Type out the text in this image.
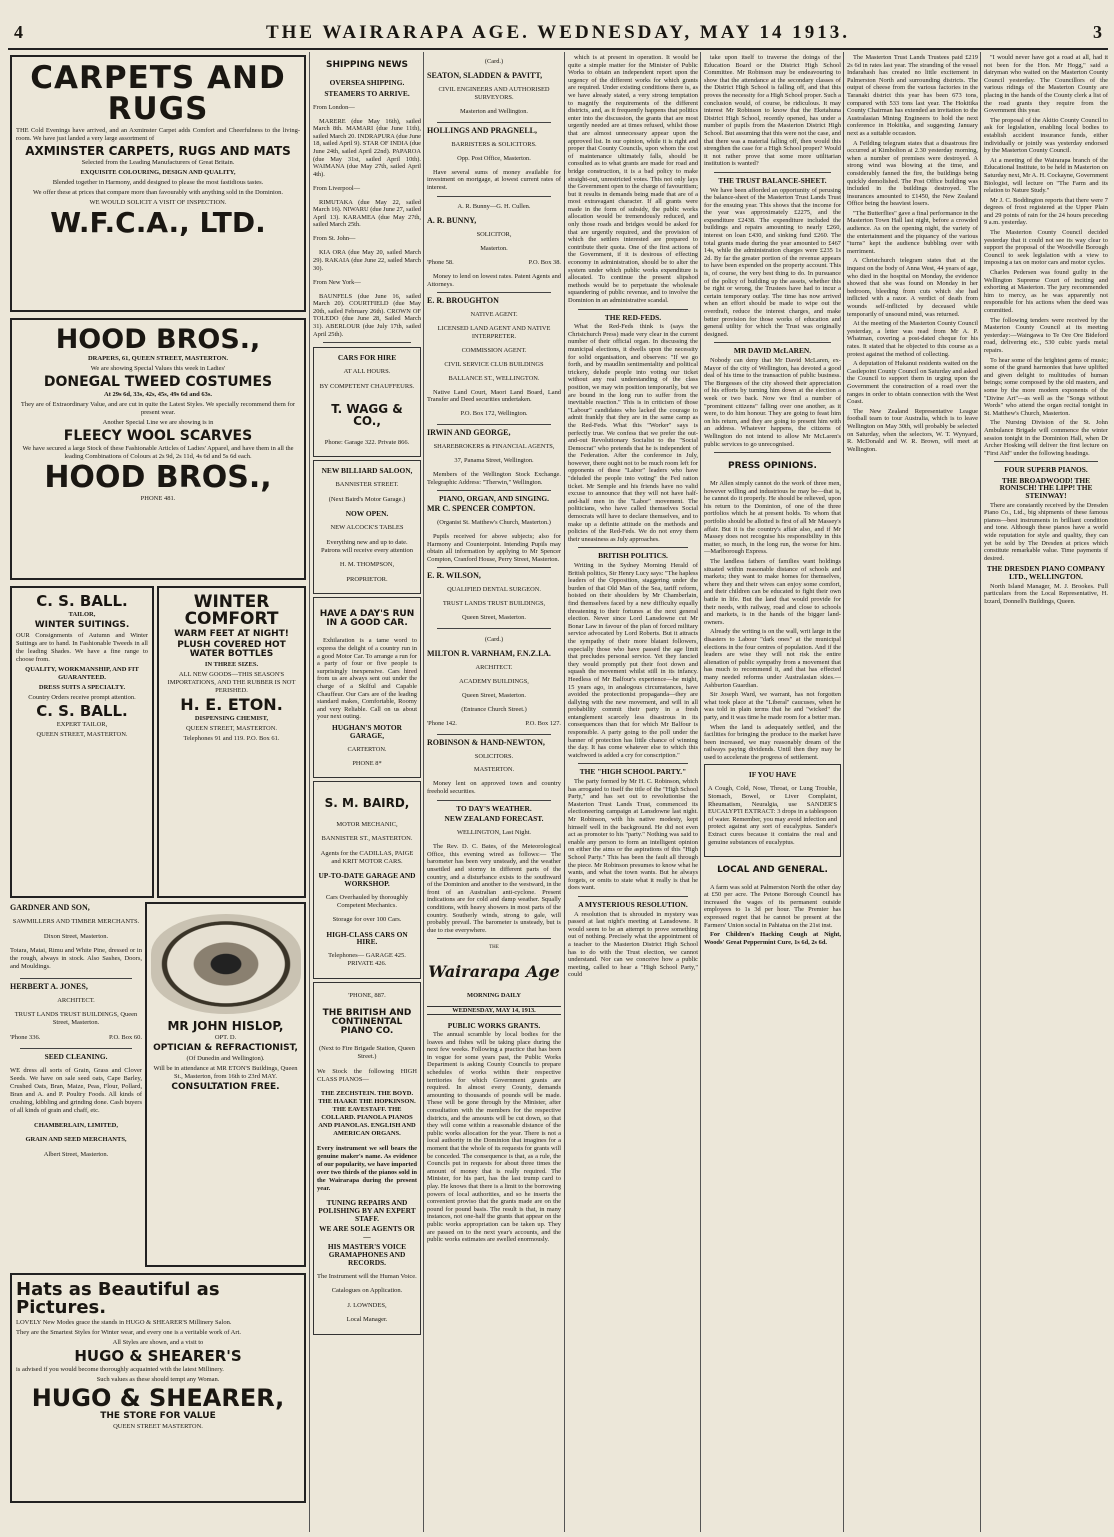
4	THE WAIRARAPA AGE. WEDNESDAY, MAY 14 1913.	3

CARPETS AND RUGS

THE Cold Evenings have arrived, and an Axminster Carpet adds Comfort and Cheerfulness to the living-room. We have just landed a very large assortment of

AXMINSTER CARPETS, RUGS AND MATS

Selected from the Leading Manufacturers of Great Britain.

EXQUISITE COLOURING, DESIGN AND QUALITY,

Blended together in Harmony, andd designed to please the most fastidious tastes.

We offer these at prices that compare more than favourably with anything sold in the Dominion.

WE WOULD SOLICIT A VISIT OF INSPECTION.

W.F.C.A., LTD.

HOOD BROS.,

DRAPERS, 61, QUEEN STREET, MASTERTON.

We are showing Special Values this week in Ladies'

DONEGAL TWEED COSTUMES

At 29s 6d, 33s, 42s, 45s, 49s 6d and 63s.

They are of Extraordinary Value, and are cut in quite the Latest Styles. We specially recommend them for present wear.

Another Special Line we are showing is in

FLEECY WOOL SCARVES

We have secured a large Stock of these Fashionable Articles of Ladies' Apparel, and have them in all the leading Combinations of Colours at 2s 9d, 2s 11d, 4s 6d and 5s 6d each.

HOOD BROS.,

PHONE 481.

C. S. BALL.

TAILOR,

WINTER SUITINGS.

OUR Consignments of Autumn and Winter Suitings are to hand. In Fashionable Tweeds in all the leading Shades. We have a fine range to choose from.

QUALITY, WORKMANSHIP, AND FIT GUARANTEED.

DRESS SUITS A SPECIALTY.

Country Orders receive prompt attention.

C. S. BALL.

EXPERT TAILOR,

QUEEN STREET, MASTERTON.

WINTER COMFORT

WARM FEET AT NIGHT!

PLUSH COVERED HOT WATER BOTTLES

IN THREE SIZES.

ALL NEW GOODS—THIS SEASON'S IMPORTATIONS, AND THE RUBBER IS NOT PERISHED.

H. E. ETON.

DISPENSING CHEMIST,

QUEEN STREET, MASTERTON.

Telephones 91 and 119. P.O. Box 61.

GARDNER AND SON,

SAWMILLERS AND TIMBER MERCHANTS.

Dixon Street, Masterton.

Totara, Matai, Rimu and White Pine, dressed or in the rough, always in stock. Also Sashes, Doors, and Mouldings.

HERBERT A. JONES,

ARCHITECT.

TRUST LANDS TRUST BUILDINGS, Queen Street, Masterton.

'Phone 336.	P.O. Box 60.

SEED CLEANING.

WE dress all sorts of Grain, Grass and Clover Seeds. We have on sale seed oats, Cape Barley, Crushed Oats, Bran, Maize, Peas, Flour, Pollard, Bran and A. and P. Poultry Foods. All kinds of crushing, kibbling and grinding done. Cash buyers of all kinds of grain and chaff, etc.

CHAMBERLAIN, LIMITED,

GRAIN AND SEED MERCHANTS,

Albert Street, Masterton.

MR JOHN HISLOP,

OPT. D.

OPTICIAN & REFRACTIONIST,

(Of Dunedin and Wellington).

Will be in attendance at MR ETON'S Buildings, Queen St., Masterton, from 16th to 23rd MAY.

CONSULTATION FREE.

Hats as Beautiful as Pictures.

LOVELY New Modes grace the stands in HUGO & SHEARER'S Millinery Salon.

They are the Smartest Styles for Winter wear, and every one is a veritable work of Art.

All Styles are shown, and a visit to

HUGO & SHEARER'S

is advised if you would become thoroughly acquainted with the latest Millinery.

Such values as these should tempt any Woman.

HUGO & SHEARER,

THE STORE FOR VALUE

QUEEN STREET MASTERTON.

SHIPPING NEWS

OVERSEA SHIPPING.

STEAMERS TO ARRIVE.

From London—

MARERE (due May 16th), sailed March 8th. MAMARI (due June 11th), sailed March 20. INDRAPURA (due June 18, sailed April 9). STAR OF INDIA (due June 24th, sailed April 22nd). PAPAROA (due May 31st, sailed April 10th). WAIMANA (due May 27th, sailed April 4th).

From Liverpool—

RIMUTAKA (due May 22, sailed March 16). NIWARU (due June 27, sailed April 13). KARAMEA (due May 27th, sailed March 25th.

From St. John—

KIA ORA (due May 20, sailed March 29). RAKAIA (due June 22, sailed March 30).

From New York—

BAUNFELS (due June 16, sailed March 20). COURTFIELD (due May 20th, sailed February 26th). CROWN OF TOLEDO (due June 28, Sailed March 31). ABERLOUR (due July 17th, sailed April 25th).

CARS FOR HIRE

AT ALL HOURS.

BY COMPETENT CHAUFFEURS.

T. WAGG & CO.,

Phone: Garage 322. Private 866.

NEW BILLIARD SALOON,

BANNISTER STREET.

(Next Baird's Motor Garage.)

NOW OPEN.

NEW ALCOCK'S TABLES

Everything new and up to date. Patrons will receive every attention

H. M. THOMPSON,

PROPRIETOR.

HAVE A DAY'S RUN IN A GOOD CAR.

Exhilaration is a tame word to express the delight of a country run in a good Motor Car. To arrange a run for a party of four or five people is surprisingly inexpensive. Cars hired from us are always sent out under the charge of a Skilful and Capable Chauffeur. Our Cars are of the leading standard makes, Comfortable, Roomy and very Reliable. Call on us about your next outing.

HUGHAN'S MOTOR GARAGE,

CARTERTON.

PHONE 8*

S. M. BAIRD,

MOTOR MECHANIC,

BANNISTER ST., MASTERTON.

Agents for the CADILLAS, PAIGE and KRIT MOTOR CARS.

UP-TO-DATE GARAGE AND WORKSHOP.

Cars Overhauled by thoroughly Competent Mechanics.

Storage for over 100 Cars.

HIGH-CLASS CARS ON HIRE.

Telephones— GARAGE 425. PRIVATE 426.

'PHONE, 887.

THE BRITISH AND CONTINENTAL PIANO CO.

(Next to Fire Brigade Station, Queen Street.)

We Stock the following HIGH CLASS PIANOS—

THE ZECHSTEIN. THE BOYD. THE HAAKE THE HOPKINSON. THE EAVESTAFF. THE COLLARD. PIANOLA PIANOS AND PIANOLAS. ENGLISH AND AMERICAN ORGANS.

Every instrument we sell bears the genuine maker's name. As evidence of our popularity, we have imported over two thirds of the pianos sold in the Wairarapa during the present year.

TUNING REPAIRS AND POLISHING BY AN EXPERT STAFF.

WE ARE SOLE AGENTS OR—

HIS MASTER'S VOICE GRAMAPHONES AND RECORDS.

The Instrument will the Human Voice.

Catalogues on Application.

J. LOWNDES,

Local Manager.

(Card.)

SEATON, SLADDEN & PAVITT,

CIVIL ENGINEERS AND AUTHORISED SURVEYORS.

Masterton and Wellington.

HOLLINGS AND PRAGNELL,

BARRISTERS & SOLICITORS.

Opp. Post Office, Masterton.

Have several sums of money available for investment on mortgage, at lowest current rates of interest.

A. R. Bunny—G. H. Cullen.

A. R. BUNNY,

SOLICITOR,

Masterton.

'Phone 58.	P.O. Box 38.

Money to lend on lowest rates. Patent Agents and Attorneys.

E. R. BROUGHTON

NATIVE AGENT.

LICENSED LAND AGENT AND NATIVE INTERPRETER.

COMMISSION AGENT.

CIVIL SERVICE CLUB BUILDINGS

BALLANCE ST., WELLINGTON.

Native Land Court, Maori Land Board, Land Transfer and Deed securities undertaken.

P.O. Box 172, Wellington.

IRWIN AND GEORGE,

SHAREBROKERS & FINANCIAL AGENTS,

37, Panama Street, Wellington.

Members of the Wellington Stock Exchange. Telegraphic Address: "Therwin," Wellington.

PIANO, ORGAN, AND SINGING.

MR C. SPENCER COMPTON.

(Organist St. Matthew's Church, Masterton.)

Pupils received for above subjects; also for Harmony and Counterpoint. Intending Pupils may obtain all information by applying to Mr Spencer Compton, Cranford House, Perry Street, Masterton.

E. R. WILSON,

QUALIFIED DENTAL SURGEON.

TRUST LANDS TRUST BUILDINGS,

Queen Street, Masterton.

(Card.)

MILTON R. VARNHAM, F.N.Z.I.A.

ARCHITECT.

ACADEMY BUILDINGS,

Queen Street, Masterton.

(Entrance Church Street.)

'Phone 142.	P.O. Box 127.

ROBINSON & HAND-NEWTON,

SOLICITORS.

MASTERTON.

Money lent on approved town and country freehold securities.

TO DAY'S WEATHER.

NEW ZEALAND FORECAST.

WELLINGTON, Last Night.

The Rev. D. C. Bates, of the Meteorological Office, this evening wired as follows:— The barometer has been very unsteady, and the weather unsettled and stormy in different parts of the country, and a disturbance exists to the southward of the Dominion and another to the westward, in the front of an Australian anti-cyclone. Present indications are for cold and damp weather. Squally conditions, with heavy showers in most parts of the country. Southerly winds, strong to gale, will probably prevail. The barometer is unsteady, but is due to rise everywhere.

THE

Wairarapa Age

MORNING DAILY

WEDNESDAY, MAY 14, 1913.

PUBLIC WORKS GRANTS.

The annual scramble by local bodies for the loaves and fishes will be taking place during the next few weeks. Following a practice that has been in vogue for some years past, the Public Works Department is asking County Councils to prepare schedules of works within their respective territories for which Government grants are required. In almost every County, demands amounting to thousands of pounds will be made. These will be gone through by the Minister, after consultation with the members for the respective districts, and the amounts will be cut down, so that they will come within a reasonable distance of the public works allocation for the year. There is not a local authority in the Dominion that imagines for a moment that the whole of its requests for grants will be conceded. The consequence is that, as a rule, the Councils put in requests for about three times the amount of money that is really required. The Minister, for his part, has the last trump card to play. He knows that there is a limit to the borrowing powers of local authorities, and so he inserts the convenient proviso that the grants made are on the pound for pound basis. The result is that, in many instances, not one-half the grants that appear on the public works appropriation can be taken up. They are passed on to the next year's accounts, and the public works estimates are swelled enormously.

which is at present in operation. It would be quite a simple matter for the Minister of Public Works to obtain an independent report upon the urgency of the different works for which grants are required. Under existing conditions there is, as we have already stated, a very strong temptation to magnify the requirements of the different districts, and, as it frequently happens that politics enter into the discussion, the grants that are most urgently needed are at times refused, whilst those that are almost unnecessary appear upon the approved list. In our opinion, while it is right and proper that County Councils, upon whom the cost of maintenance ultimately falls, should be consulted as to what grants are made for road and bridge construction, it is a bad policy to make straight-out, unrestricted votes. This not only lays the Government open to the charge of favouritism; but it results in demands being made that are of a most extravagant character. If all grants were made in the form of subsidy, the public works allocation would be tremendously reduced, and only those roads and bridges would be asked for that are urgently required, and the provision of which the settlers interested are prepared to contribute their quota. One of the first actions of the Government, if it is desirous of effecting economy in administration, should be to alter the system under which public works expenditure is allocated. To continue the present slipshod methods would be to perpetuate the wholesale squandering of public revenue, and to involve the Dominion in an administrative scandal.

THE RED-FEDS.

What the Red-Feds think is (says the Christchurch Press) made very clear in the current number of their official organ. In discussing the municipal elections, it dwells upon the necessity for solid organisation, and observes: "If we go forth, and by maudlin sentimentality and political trickery, delude people into voting our ticket without any real understanding of the class position, we may win position temporarily, but we are bound in the long run to suffer from the inevitable reaction." This is in criticism of those "Labour" candidates who lacked the courage to admit frankly that they are in the same camp as the Red-Feds. What this "Worker" says is perfectly true. We confess that we prefer the out-and-out Revolutionary Socialist to the "Social Democrat" who pretends that he is independent of the Federation. After the conference in July, however, there ought not to be much room left for opponents of these "Labor" leaders who have "deluded the people into voting" the Fed ration ticket. Mr Semple and his friends have no valid excuse to announce that they will not have half-and-half men in the "Labor" movement. The politicians, who have called themselves Social democrats will have to declare themselves, and to make up a definite attitude on the methods and policies of the Red-Feds. We do not envy them their uneasiness as July approaches.

BRITISH POLITICS.

Writing in the Sydney Morning Herald of British politics, Sir Henry Lucy says: "The hapless leaders of the Opposition, staggering under the burden of that Old Man of the Sea, tariff reform, hoisted on their shoulders by Mr Chamberlain, find themselves faced by a new difficulty equally threatening to their fortunes at the next general election. Never since Lord Lansdowne cut Mr Bonar Law in favour of the plan of forced military service advocated by Lord Roberts. But it attracts the sympathy of their more blatant followers, especially those who have passed the age limit that precludes personal service. Yet they fancied they would promptly put their foot down and squash the movement whilst still in its infancy. Heedless of Mr Balfour's experience—he might, 15 years ago, in analogous circumstances, have avoided the protectionist propaganda—they are dallying with the new movement, and will in all probability commit their party in a fresh entanglement scarcely less disastrous in its consequences than that for which Mr Balfour is responsible. A party going to the poll under the banner of protection has little chance of winning the day. It has come whatever else to which this watchword is added a cry for conscription."

THE "HIGH SCHOOL PARTY."

The party formed by Mr H. C. Robinson, which has arrogated to itself the title of the "High School Party," and has set out to revolutionise the Masterton Trust Lands Trust, commenced its electioneering campaign at Lansdowne last night. Mr Robinson, with his native modesty, kept himself well in the background. He did not even act as promoter to his "party." Nothing was said to enable any person to form an intelligent opinion on either the aims or the aspirations of this "High School Party." This has been the fault all through the piece. Mr Robinson presumes to know what he wants, and what the town wants. But he always forgets, or omits to state what it really is that he does want.

A MYSTERIOUS RESOLUTION.

A resolution that is shrouded in mystery was passed at last night's meeting at Lansdowne. It would seem to be an attempt to prove something out of nothing. Precisely what the appointment of a teacher to the Masterton District High School has to do with the Trust election, we cannot understand. Nor can we conceive how a public meeting, called to hear a "High School Party," could

take upon itself to traverse the doings of the Education Board or the District High School Committee. Mr Robinson may be endeavouring to show that the attendance at the secondary classes of the District High School is falling off, and that this proves the necessity for a High School proper. Such a conclusion would, of course, be ridiculous. It may interest Mr Robinson to know that the Eketahuna District High School, recently opened, has under a number of pupils from the Masterton District High School. But assuming that this were not the case, and that there was a material falling off, then would this strengthen the case for a High School proper? Would it not rather prove that some more utilitarian institution is wanted?

THE TRUST BALANCE-SHEET.

We have been afforded an opportunity of perusing the balance-sheet of the Masterton Trust Lands Trust for the ensuing year. This shows that the income for the year was approximately £2275, and the expenditure £2438. The expenditure included the buildings and repairs amounting to nearly £260, interest on loan £430, and sinking fund £260. The total grants made during the year amounted to £467 14s, while the administration charges were £235 1s 2d. By far the greater portion of the revenue appears to have been expended on the property account. This is, of course, the very best thing to do. In pursuance of the policy of building up the assets, whether this be right or wrong, the Trustees have had to incur a certain temporary outlay. The time has now arrived when an effort should be made to wipe out the overdraft, reduce the interest charges, and make better provision for those works of education and general utility for which the Trust was originally designed.

MR DAVID McLAREN.

Nobody can deny that Mr David McLaren, ex-Mayor of the city of Wellington, has devoted a good deal of his time to the transaction of public business. The Burgesses of the city showed their appreciation of his efforts by turning him down at the election a week or two back. Now we find a number of "prominent citizens" falling over one another, as it were, to do him honour. They are going to feast him on his return, and they are going to present him with an address. Whatever happens, the citizens of Wellington do not intend to allow Mr McLaren's public services to go unrecognised.

PRESS OPINIONS.

Mr Allen simply cannot do the work of three men, however willing and industrious he may be—that is, he cannot do it properly. He should be relieved, upon his return to the Dominion, of one of the three portfolios which he at present holds. To whom that portfolio should be allotted is first of all Mr Massey's affair. But it is the country's affair also, and if Mr Massey does not recognise his responsibility in this matter, so much, in the long run, the worse for him.—Marlborough Express.

The landless fathers of families want holdings situated within reasonable distance of schools and markets; they want to make homes for themselves, where they and their wives can enjoy some comfort, and their children can be educated to fight their own battle in life. But the land that would provide for their needs, with railway, road and close to schools and markets, is in the hands of the bigger land-owners.

Already the writing is on the wall, writ large in the disasters to Labour "dark ones" at the municipal elections in the four centres of population. And if the leaders are wise they will not risk the entire alienation of public sympathy from a movement that has much to recommend it, and that has effected many needed reforms under Australasian skies.—Ashburton Guardian.

Sir Joseph Ward, we warrant, has not forgotten what took place at the "Liberal" caucuses, when he was told in plain terms that he and "wicked" the party, and it was time he made room for a better man.

When the land is adequately settled, and the facilities for bringing the produce to the market have been increased, we may reasonably dream of the railways paying dividends. Until then they may be used to accelerate the progress of settlement.

IF YOU HAVE

A Cough, Cold, Nose, Throat, or Lung Trouble, Stomach, Bowel, or Liver Complaint, Rheumatism, Neuralgia, use SANDER'S EUCALYPTI EXTRACT: 3 drops in a tablespoon of water. Remember, you may avoid infection and protect against any sort of eucalyptus. Sander's Extract cures because it contains the real and genuine substances of eucalyptus.

LOCAL AND GENERAL.

A farm was sold at Palmerston North the other day at £50 per acre. The Petone Borough Council has increased the wages of its permanent outside employees to 1s 3d per hour. The Premier has expressed regret that he cannot be present at the Farmers' Union social in Pahiatua on the 21st inst.

For Children's Hacking Cough at Night, Woods' Great Peppermint Cure, 1s 6d, 2s 6d.

The Masterton Trust Lands Trustees paid £219 2s 6d in rates last year. The stranding of the vessel Indarahash has created no little excitement in Palmerston North and surrounding districts. The output of cheese from the various factories in the Taranaki district this year has been 673 tons, compared with 533 tons last year. The Hokitika County Chairman has extended an invitation to the Australasian Mining Engineers to hold the next conference in Hokitika, and suggesting January next as a suitable occasion.

A Feilding telegram states that a disastrous fire occurred at Kimbolton at 2.30 yesterday morning, when a number of premises were destroyed. A strong wind was blowing at the time, and considerably fanned the fire, the buildings being quickly demolished. The Post Office building was included in the buildings destroyed. The insurances amounted to £1450, the New Zealand Office being the heaviest losers.

"The Butterflies" gave a final performance in the Masterton Town Hall last night, before a crowded audience. As on the opening night, the variety of the entertainment and the piquancy of the various "turns" kept the audience bubbling over with merriment.

A Christchurch telegram states that at the inquest on the body of Anna West, 44 years of age, who died in the hospital on Monday, the evidence showed that she was found on Monday in her bedroom, bleeding from cuts which she had inflicted with a razor. A verdict of death from wounds self-inflicted by deceased while temporarily of unsound mind, was returned.

At the meeting of the Masterton County Council yesterday, a letter was read from Mr A. P. Whatman, covering a post-dated cheque for his rates. It stated that he objected to this course as a protest against the method of collecting.

A deputation of Hukanui residents waited on the Castlepoint County Council on Saturday and asked the Council to support them in urging upon the Government the construction of a road over the ranges in order to obtain connection with the West Coast.

The New Zealand Representative League football team to tour Australia, which is to leave Wellington on May 30th, will probably be selected on Saturday, when the selectors, W. T. Wynyard, R. McDonald and W. R. Brown, will meet at Wellington.

"I would never have got a road at all, had it not been for the Hon. Mr Hogg," said a dairyman who waited on the Masterton County Council yesterday. The Councillors of the various ridings of the Masterton County are placing in the hands of the County clerk a list of the road grants they require from the Government this year.

The proposal of the Akitio County Council to ask for legislation, enabling local bodies to establish accident insurance funds, either individually or jointly was yesterday endorsed by the Masterton County Council.

At a meeting of the Wairarapa branch of the Educational Institute, to be held in Masterton on Saturday next, Mr A. H. Cockayne, Government Biologist, will lecture on "The Farm and its relation to Nature Study."

Mr J. C. Boddington reports that there were 7 degrees of frost registered at the Upper Plain and 29 points of rain for the 24 hours preceding 9 a.m. yesterday.

The Masterton County Council decided yesterday that it could not see its way clear to support the proposal of the Woodville Borough Council to seek legislation with a view to imposing a tax on motor cars and motor cycles.

Charles Pedersen was found guilty in the Wellington Supreme Court of inciting and exhorting at Masterton. The jury recommended him to mercy, as he was apparently not responsible for his actions when the deed was committed.

The following tenders were received by the Masterton County Council at its meeting yesterday:—Waingawa to Te Ore Ore Bideford road, delivering etc., 530 cubic yards metal repairs.

To hear some of the brightest gems of music; some of the grand harmonies that have uplifted and given delight to multitudes of human beings; some composed by the old masters, and some by the more modern exponents of the "Divine Art"—as well as the "Songs without Words" who attend the organ recital tonight in St. Matthew's Church, Masterton.

The Nursing Division of the St. John Ambulance Brigade will commence the winter session tonight in the Dominion Hall, when Dr Archer Hosking will deliver the first lecture on "First Aid" under the following headings.

FOUR SUPERB PIANOS.

THE BROADWOOD! THE RONISCH! THE LIPP! THE STEINWAY!

There are constantly received by the Dresden Piano Co., Ltd., big shipments of these famous pianos—best instruments in brilliant condition and tone. Although these pianos have a world wide reputation for style and quality, they can yet be sold by The Dresden at prices which constitute remarkable value. Time payments if desired.

THE DRESDEN PIANO COMPANY LTD., WELLINGTON.

North Island Manager, M. J. Brookes. Full particulars from the Local Representative, H. Izzard, Donnell's Buildings, Queen.
